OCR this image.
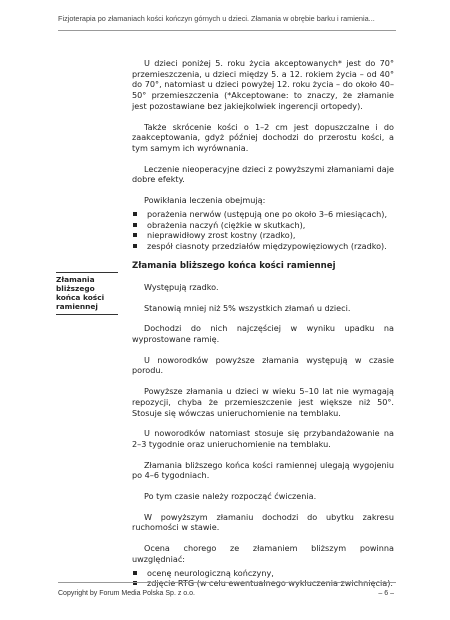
Fizjoterapia po złamaniach kości kończyn górnych u dzieci. Złamania w obrębie barku i ramienia...
Złamania bliższego końca kości ramiennej

U dzieci poniżej 5. roku życia akceptowanych* jest do 70° przemieszczenia, u dzieci między 5. a 12. rokiem życia – od 40° do 70°, natomiast u dzieci powyżej 12. roku życia – do około 40–50° przemieszczenia (*Akceptowane: to znaczy, że złamanie jest pozostawiane bez jakiejkolwiek ingerencji ortopedy).

Także skrócenie kości o 1–2 cm jest dopuszczalne i do zaakceptowania, gdyż później dochodzi do przerostu kości, a tym samym ich wyrównania.

Leczenie nieoperacyjne dzieci z powyższymi złamaniami daje dobre efekty.

Powikłania leczenia obejmują:

porażenia nerwów (ustępują one po około 3–6 miesiącach),
obrażenia naczyń (ciężkie w skutkach),
nieprawidłowy zrost kostny (rzadko),
zespół ciasnoty przedziałów międzypowięziowych (rzadko).
Złamania bliższego końca kości ramiennej

Występują rzadko.

Stanowią mniej niż 5% wszystkich złamań u dzieci.

Dochodzi do nich najczęściej w wyniku upadku na wyprostowane ramię.

U noworodków powyższe złamania występują w czasie porodu.

Powyższe złamania u dzieci w wieku 5–10 lat nie wymagają repozycji, chyba że przemieszczenie jest większe niż 50°. Stosuje się wówczas unieruchomienie na temblaku.

U noworodków natomiast stosuje się przybandażowanie na 2–3 tygodnie oraz unieruchomienie na temblaku.

Złamania bliższego końca kości ramiennej ulegają wygojeniu po 4–6 tygodniach.

Po tym czasie należy rozpocząć ćwiczenia.

W powyższym złamaniu dochodzi do ubytku zakresu ruchomości w stawie.

Ocena chorego ze złamaniem bliższym powinna uwzględniać:

ocenę neurologiczną kończyny,
zdjęcie RTG (w celu ewentualnego wykluczenia zwichnięcia).
Copyright by Forum Media Polska Sp. z o.o.	– 6 –
